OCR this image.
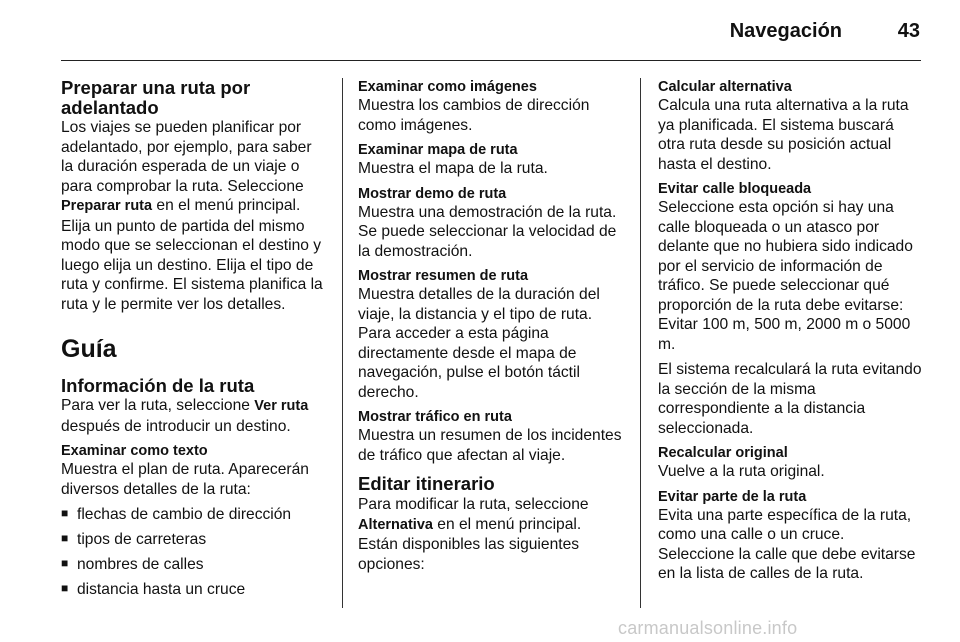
Navegación	43
Preparar una ruta por adelantado

Los viajes se pueden planificar por adelantado, por ejemplo, para saber la duración esperada de un viaje o para comprobar la ruta. Seleccione Preparar ruta en el menú principal. Elija un punto de partida del mismo modo que se seleccionan el destino y luego elija un destino. Elija el tipo de ruta y confirme. El sistema planifica la ruta y le permite ver los detalles.

Guía
Información de la ruta

Para ver la ruta, seleccione Ver ruta después de introducir un destino.

Examinar como texto

Muestra el plan de ruta. Aparecerán diversos detalles de la ruta:

■ flechas de cambio de dirección
■ tipos de carreteras
■ nombres de calles
■ distancia hasta un cruce
Examinar como imágenes

Muestra los cambios de dirección como imágenes.

Examinar mapa de ruta

Muestra el mapa de la ruta.

Mostrar demo de ruta

Muestra una demostración de la ruta. Se puede seleccionar la velocidad de la demostración.

Mostrar resumen de ruta

Muestra detalles de la duración del viaje, la distancia y el tipo de ruta. Para acceder a esta página directamente desde el mapa de navegación, pulse el botón táctil derecho.

Mostrar tráfico en ruta

Muestra un resumen de los incidentes de tráfico que afectan al viaje.

Editar itinerario

Para modificar la ruta, seleccione Alternativa en el menú principal. Están disponibles las siguientes opciones:

Calcular alternativa

Calcula una ruta alternativa a la ruta ya planificada. El sistema buscará otra ruta desde su posición actual hasta el destino.

Evitar calle bloqueada

Seleccione esta opción si hay una calle bloqueada o un atasco por delante que no hubiera sido indicado por el servicio de información de tráfico. Se puede seleccionar qué proporción de la ruta debe evitarse: Evitar 100 m, 500 m, 2000 m o 5000 m.

El sistema recalculará la ruta evitando la sección de la misma correspondiente a la distancia seleccionada.

Recalcular original

Vuelve a la ruta original.

Evitar parte de la ruta

Evita una parte específica de la ruta, como una calle o un cruce. Seleccione la calle que debe evitarse en la lista de calles de la ruta.

carmanualsonline.info
